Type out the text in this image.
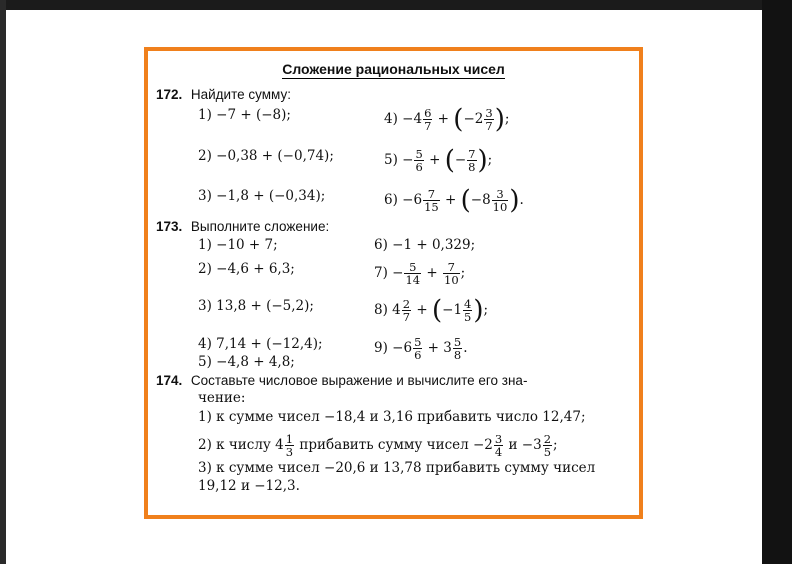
Сложение рациональных чисел
172. Найдите сумму:
1) −7 + (−8);
2) −0,38 + (−0,74);
3) −1,8 + (−0,34);
$4) -4 \frac{6}{7} + (-2 \frac{3}{7}$ );
$5) - \frac{5}{6}$ + (− $\frac{7}{8}$ );
$6) -6 \frac{7}{15} + (-8 \frac{3}{10}$ ).
173. Выполните сложение:
1) −10 + 7;
2) −4,6 + 6,3;
3) 13,8 + (−5,2);
4) 7,14 + (−12,4);
5) −4,8 + 4,8;
6) −1 + 0,329;
$7) - \frac{5}{14} + \frac{7}{10}$ ;
8) $4 \frac{2}{7} + (-1 \frac{4}{5}$ );
$9) -6 \frac{5}{6} + 3 \frac{5}{8}$ .
174. Составьте числовое выражение и вычислите его зна-
чение:
1) к сумме чисел −18,4 и 3,16 прибавить число 12,47;
2) к числу $4 \frac{1}{3}$ прибавить сумму чисел $-2 \frac{3}{4}$ $и -3 \frac{2}{5}$ ;
3) к сумме чисел −20,6 и 13,78 прибавить сумму чисел
19,12 и −12,3.
